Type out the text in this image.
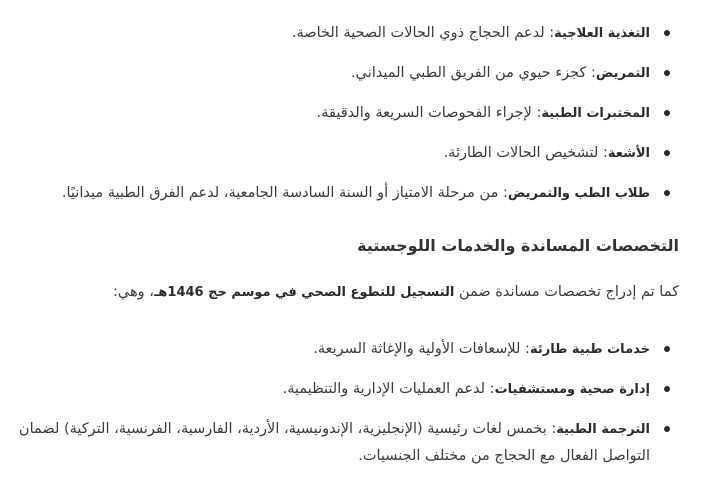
التغذية العلاجية: لدعم الحجاج ذوي الحالات الصحية الخاصة.
التمريض: كجزء حيوي من الفريق الطبي الميداني.
المختبرات الطبية: لإجراء الفحوصات السريعة والدقيقة.
الأشعة: لتشخيص الحالات الطارئة.
طلاب الطب والتمريض: من مرحلة الامتياز أو السنة السادسة الجامعية، لدعم الفرق الطبية ميدانيًا.
التخصصات المساندة والخدمات اللوجستية

كما تم إدراج تخصصات مساندة ضمن التسجيل للتطوع الصحي في موسم حج 1446هـ، وهي:

خدمات طبية طارئة: للإسعافات الأولية والإغاثة السريعة.
إدارة صحية ومستشفيات: لدعم العمليات الإدارية والتنظيمية.
الترجمة الطبية: بخمس لغات رئيسية (الإنجليزية، الإندونيسية، الأردية، الفارسية، الفرنسية، التركية) لضمان التواصل الفعال مع الحجاج من مختلف الجنسيات.
